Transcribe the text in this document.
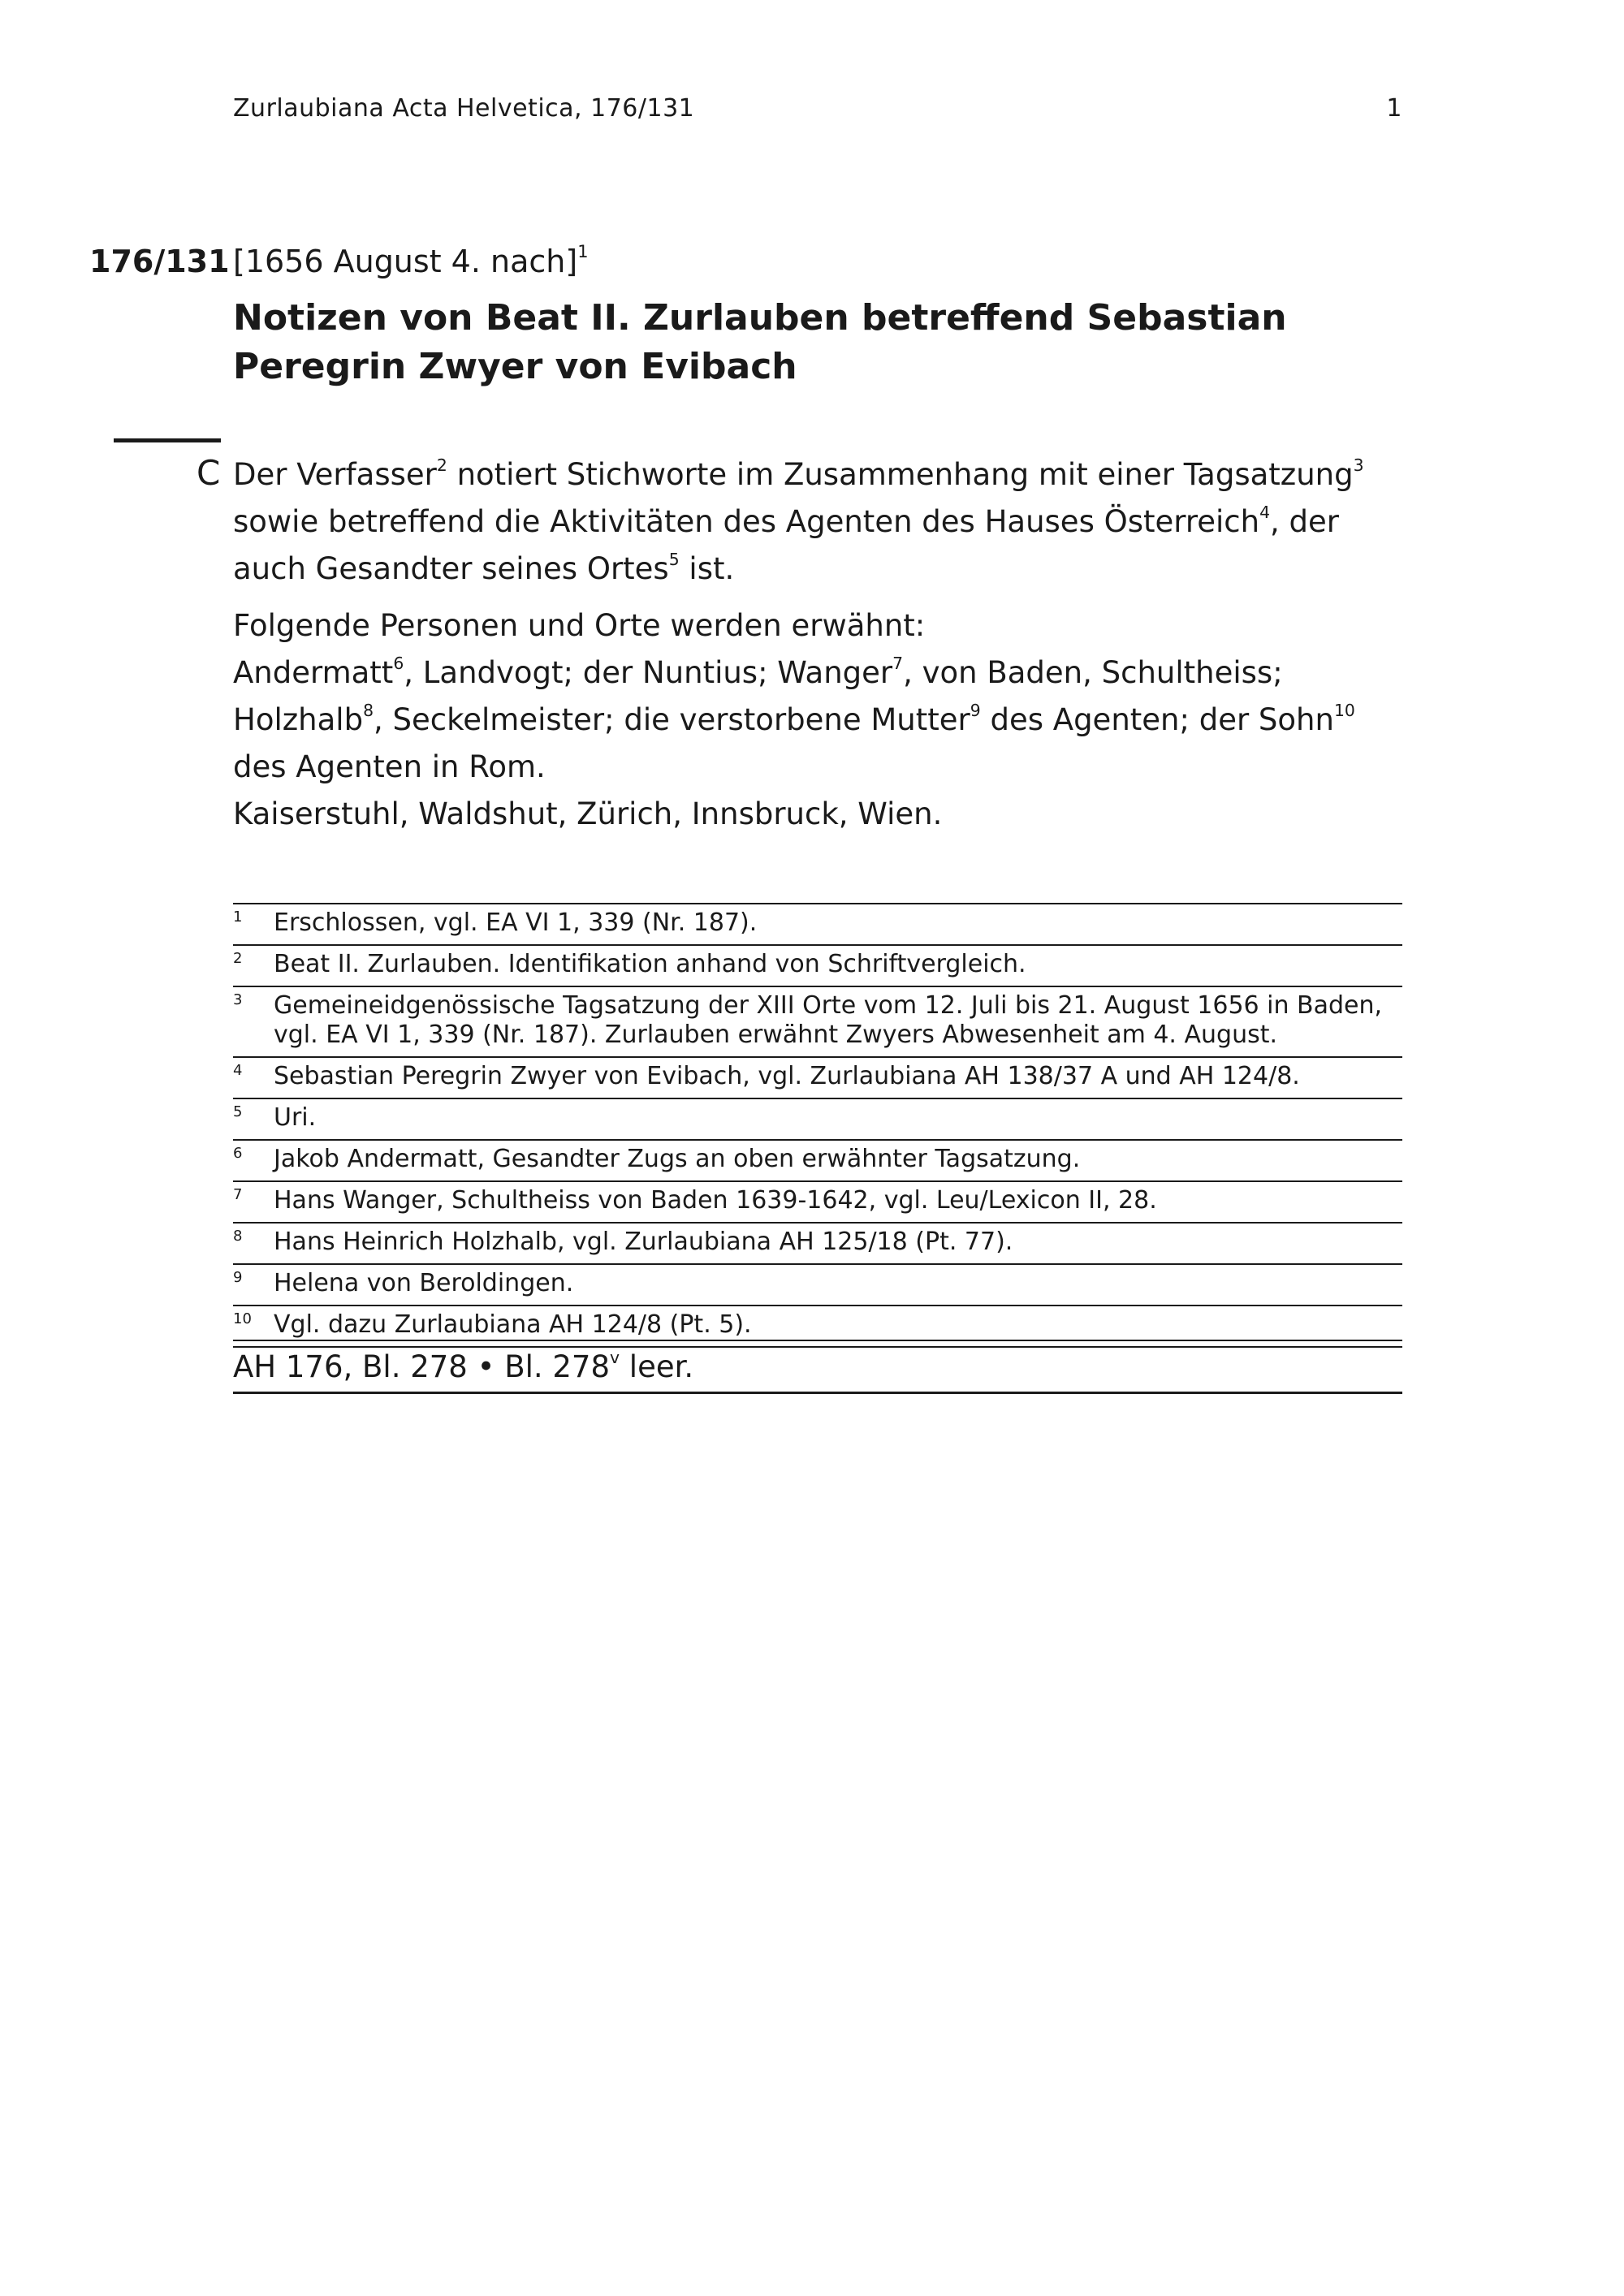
Zurlaubiana Acta Helvetica, 176/131	1
176/131 [1656 August 4. nach]$^1$
Notizen von Beat II. Zurlauben betreffend Sebastian Peregrin Zwyer von Evibach
C Der Verfasser$^2$ notiert Stichworte im Zusammenhang mit einer Tagsatzung$^3$ sowie betreffend die Aktivitäten des Agenten des Hauses Österreich$^4$, der auch Gesandter seines Ortes$^5$ ist.

Folgende Personen und Orte werden erwähnt:
Andermatt$^6$, Landvogt; der Nuntius; Wanger$^7$, von Baden, Schultheiss; Holzhalb$^8$, Seckelmeister; die verstorbene Mutter$^9$ des Agenten; der Sohn$^{10}$ des Agenten in Rom.
Kaiserstuhl, Waldshut, Zürich, Innsbruck, Wien.

1	Erschlossen, vgl. EA VI 1, 339 (Nr. 187).
2	Beat II. Zurlauben. Identifikation anhand von Schriftvergleich.
3	Gemeineidgenössische Tagsatzung der XIII Orte vom 12. Juli bis 21. August 1656 in Baden, vgl. EA VI 1, 339 (Nr. 187). Zurlauben erwähnt Zwyers Abwesenheit am 4. August.
4	Sebastian Peregrin Zwyer von Evibach, vgl. Zurlaubiana AH 138/37 A und AH 124/8.
5	Uri.
6	Jakob Andermatt, Gesandter Zugs an oben erwähnter Tagsatzung.
7	Hans Wanger, Schultheiss von Baden 1639-1642, vgl. Leu/Lexicon II, 28.
8	Hans Heinrich Holzhalb, vgl. Zurlaubiana AH 125/18 (Pt. 77).
9	Helena von Beroldingen.
10 Vgl. dazu Zurlaubiana AH 124/8 (Pt. 5).
AH 176, Bl. 278 • Bl. 278$^v$ leer.
